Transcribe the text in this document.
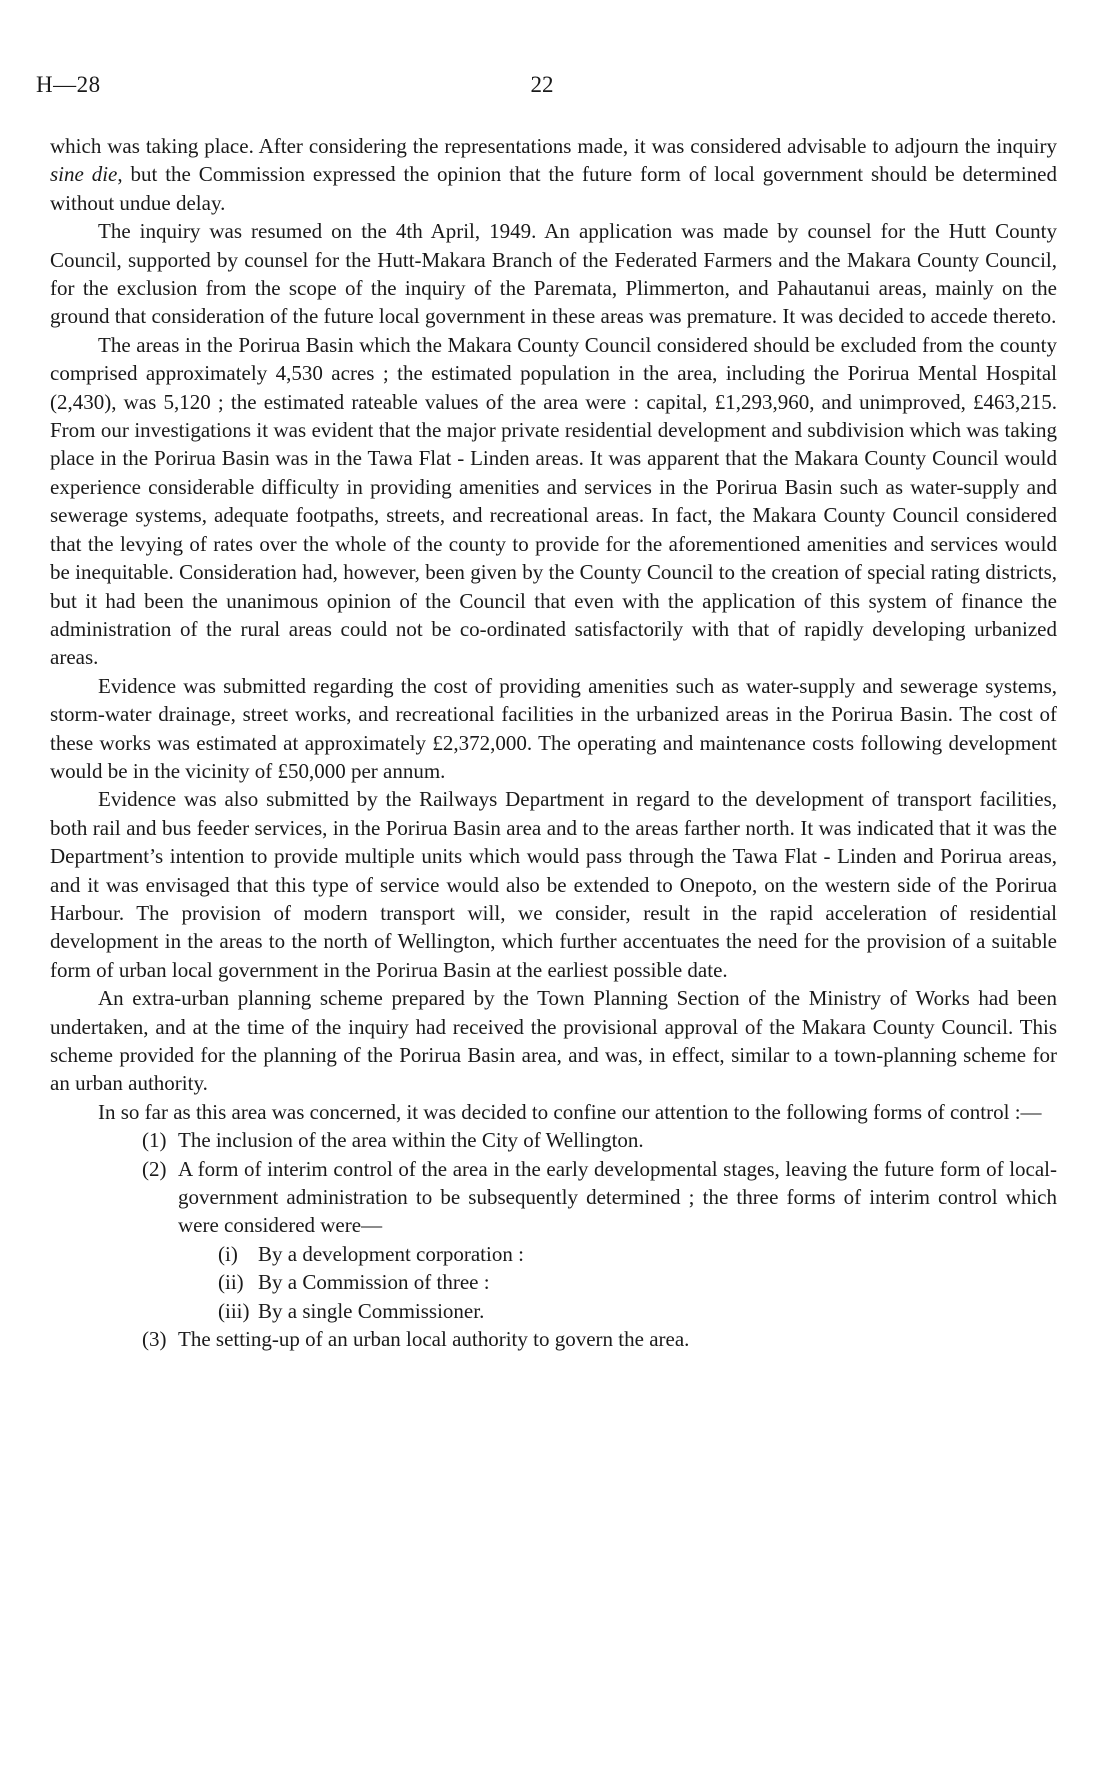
H—28	22

which was taking place. After considering the representations made, it was considered advisable to adjourn the inquiry sine die, but the Commission expressed the opinion that the future form of local government should be determined without undue delay.

The inquiry was resumed on the 4th April, 1949. An application was made by counsel for the Hutt County Council, supported by counsel for the Hutt-Makara Branch of the Federated Farmers and the Makara County Council, for the exclusion from the scope of the inquiry of the Paremata, Plimmerton, and Pahautanui areas, mainly on the ground that consideration of the future local government in these areas was premature. It was decided to accede thereto.

The areas in the Porirua Basin which the Makara County Council considered should be excluded from the county comprised approximately 4,530 acres ; the estimated population in the area, including the Porirua Mental Hospital (2,430), was 5,120 ; the estimated rateable values of the area were : capital, £1,293,960, and unimproved, £463,215. From our investigations it was evident that the major private residential development and subdivision which was taking place in the Porirua Basin was in the Tawa Flat - Linden areas. It was apparent that the Makara County Council would experience considerable difficulty in providing amenities and services in the Porirua Basin such as water-supply and sewerage systems, adequate footpaths, streets, and recreational areas. In fact, the Makara County Council considered that the levying of rates over the whole of the county to provide for the aforementioned amenities and services would be inequitable. Consideration had, however, been given by the County Council to the creation of special rating districts, but it had been the unanimous opinion of the Council that even with the application of this system of finance the administration of the rural areas could not be co-ordinated satisfactorily with that of rapidly developing urbanized areas.

Evidence was submitted regarding the cost of providing amenities such as water-supply and sewerage systems, storm-water drainage, street works, and recreational facilities in the urbanized areas in the Porirua Basin. The cost of these works was estimated at approximately £2,372,000. The operating and maintenance costs following development would be in the vicinity of £50,000 per annum.

Evidence was also submitted by the Railways Department in regard to the development of transport facilities, both rail and bus feeder services, in the Porirua Basin area and to the areas farther north. It was indicated that it was the Department’s intention to provide multiple units which would pass through the Tawa Flat - Linden and Porirua areas, and it was envisaged that this type of service would also be extended to Onepoto, on the western side of the Porirua Harbour. The provision of modern transport will, we consider, result in the rapid acceleration of residential development in the areas to the north of Wellington, which further accentuates the need for the provision of a suitable form of urban local government in the Porirua Basin at the earliest possible date.

An extra-urban planning scheme prepared by the Town Planning Section of the Ministry of Works had been undertaken, and at the time of the inquiry had received the provisional approval of the Makara County Council. This scheme provided for the planning of the Porirua Basin area, and was, in effect, similar to a town-planning scheme for an urban authority.

In so far as this area was concerned, it was decided to confine our attention to the following forms of control :—

(1) The inclusion of the area within the City of Wellington.
(2) A form of interim control of the area in the early developmental stages, leaving the future form of local-government administration to be subsequently determined ; the three forms of interim control which were considered were—
(i) By a development corporation :
(ii) By a Commission of three :
(iii) By a single Commissioner.
(3) The setting-up of an urban local authority to govern the area.
